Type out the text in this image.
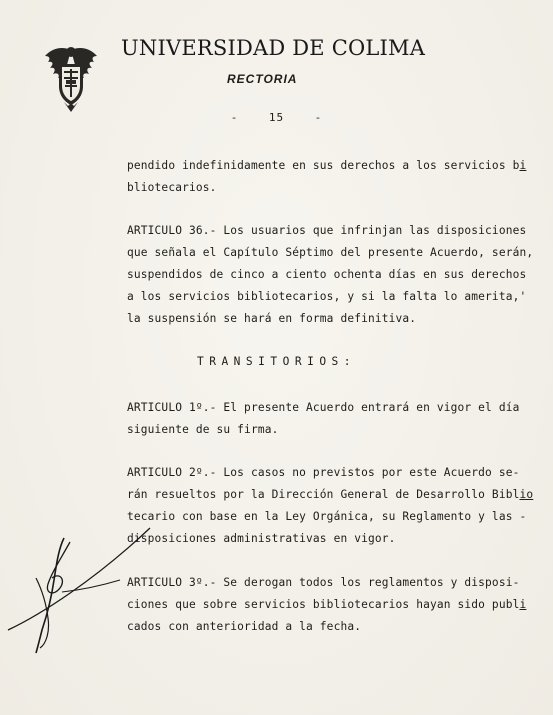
UNIVERSIDAD DE COLIMA
RECTORIA
-    15    -
pendido indefinidamente en sus derechos a los servicios bi
bliotecarios.
ARTICULO 36.- Los usuarios que infrinjan las disposiciones
que señala el Capítulo Séptimo del presente Acuerdo, serán,
suspendidos de cinco a ciento ochenta días en sus derechos
a los servicios bibliotecarios, y si la falta lo amerita,'
la suspensión se hará en forma definitiva.
TRANSITORIOS:
ARTICULO 1º.- El presente Acuerdo entrará en vigor el día
siguiente de su firma.
ARTICULO 2º.- Los casos no previstos por este Acuerdo se-
rán resueltos por la Dirección General de Desarrollo Biblio
tecario con base en la Ley Orgánica, su Reglamento y las -
disposiciones administrativas en vigor.
ARTICULO 3º.- Se derogan todos los reglamentos y disposi-
ciones que sobre servicios bibliotecarios hayan sido publi
cados con anterioridad a la fecha.
